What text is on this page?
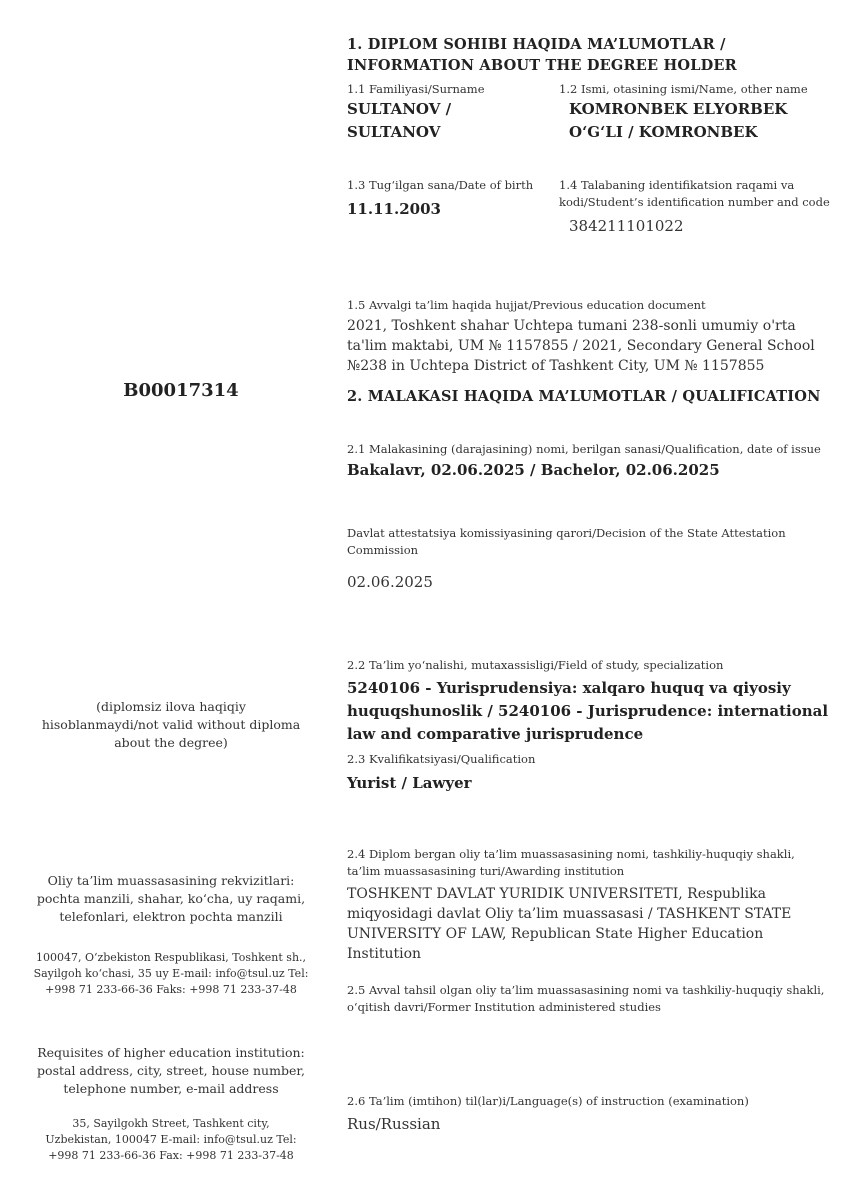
B00017314
(diplomsiz ilova haqiqiy
hisoblanmaydi/not valid without diploma
about the degree)
Oliy ta’lim muassasasining rekvizitlari:
pochta manzili, shahar, ko‘cha, uy raqami,
telefonlari, elektron pochta manzili
100047, O‘zbekiston Respublikasi, Toshkent sh.,
Sayilgoh ko‘chasi, 35 uy E-mail: info@tsul.uz Tel:
+998 71 233-66-36 Faks: +998 71 233-37-48
Requisites of higher education institution:
postal address, city, street, house number,
telephone number, e-mail address
35, Sayilgokh Street, Tashkent city,
Uzbekistan, 100047 E-mail: info@tsul.uz Tel:
+998 71 233-66-36 Fax: +998 71 233-37-48
1. DIPLOM SOHIBI HAQIDA MA’LUMOTLAR /
INFORMATION ABOUT THE DEGREE HOLDER
1.1 Familiyasi/Surname
SULTANOV /
SULTANOV
1.2 Ismi, otasining ismi/Name, other name
KOMRONBEK ELYORBEK
O‘G‘LI / KOMRONBEK
1.3 Tug‘ilgan sana/Date of birth
11.11.2003
1.4 Talabaning identifikatsion raqami va
kodi/Student’s identification number and code
384211101022
1.5 Avvalgi ta’lim haqida hujjat/Previous education document
2021, Toshkent shahar Uchtepa tumani 238-sonli umumiy o'rta
ta'lim maktabi, UM № 1157855 / 2021, Secondary General School
№238 in Uchtepa District of Tashkent City, UM № 1157855
2. MALAKASI HAQIDA MA’LUMOTLAR / QUALIFICATION
2.1 Malakasining (darajasining) nomi, berilgan sanasi/Qualification, date of issue
Bakalavr, 02.06.2025 / Bachelor, 02.06.2025
Davlat attestatsiya komissiyasining qarori/Decision of the State Attestation
Commission
02.06.2025
2.2 Ta’lim yo‘nalishi, mutaxassisligi/Field of study, specialization
5240106 - Yurisprudensiya: xalqaro huquq va qiyosiy
huquqshunoslik / 5240106 - Jurisprudence: international
law and comparative jurisprudence
2.3 Kvalifikatsiyasi/Qualification
Yurist / Lawyer
2.4 Diplom bergan oliy ta’lim muassasasining nomi, tashkiliy-huquqiy shakli,
ta’lim muassasasining turi/Awarding institution
TOSHKENT DAVLAT YURIDIK UNIVERSITETI, Respublika
miqyosidagi davlat Oliy ta’lim muassasasi / TASHKENT STATE
UNIVERSITY OF LAW, Republican State Higher Education Institution
2.5 Avval tahsil olgan oliy ta’lim muassasasining nomi va tashkiliy-huquqiy shakli,
o‘qitish davri/Former Institution administered studies
2.6 Ta’lim (imtihon) til(lar)i/Language(s) of instruction (examination)
Rus/Russian
